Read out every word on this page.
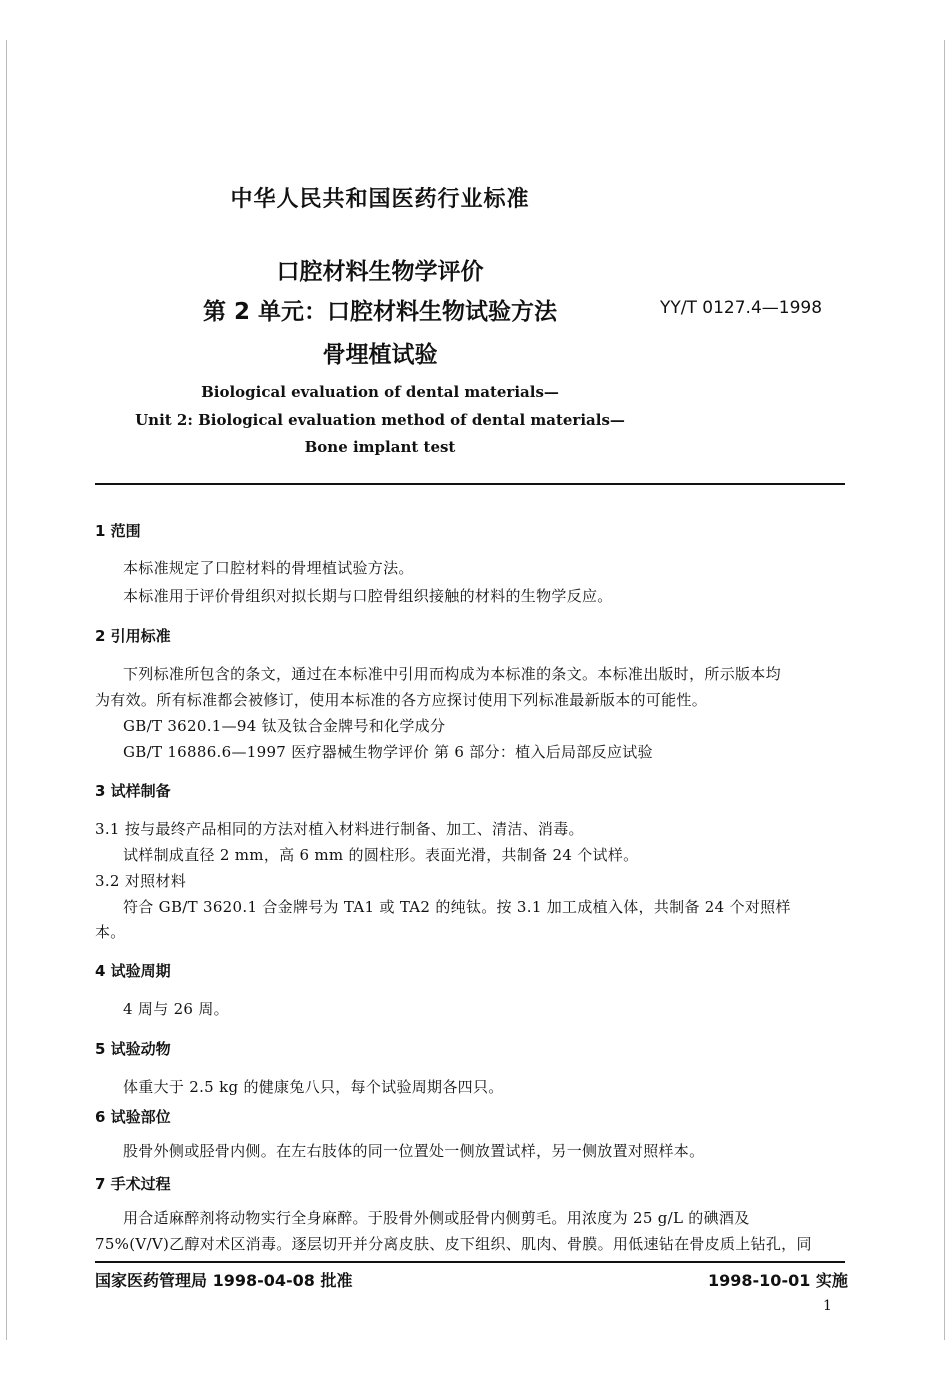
中华人民共和国医药行业标准
口腔材料生物学评价
第 2 单元：口腔材料生物试验方法
骨埋植试验
YY/T 0127.4—1998
Biological evaluation of dental materials—
Unit 2: Biological evaluation method of dental materials—
Bone implant test
1 范围
本标准规定了口腔材料的骨埋植试验方法。
本标准用于评价骨组织对拟长期与口腔骨组织接触的材料的生物学反应。
2 引用标准
下列标准所包含的条文，通过在本标准中引用而构成为本标准的条文。本标准出版时，所示版本均
为有效。所有标准都会被修订，使用本标准的各方应探讨使用下列标准最新版本的可能性。
GB/T 3620.1—94 钛及钛合金牌号和化学成分
GB/T 16886.6—1997 医疗器械生物学评价 第 6 部分：植入后局部反应试验
3 试样制备
3.1 按与最终产品相同的方法对植入材料进行制备、加工、清洁、消毒。
试样制成直径 2 mm，高 6 mm 的圆柱形。表面光滑，共制备 24 个试样。
3.2 对照材料
符合 GB/T 3620.1 合金牌号为 TA1 或 TA2 的纯钛。按 3.1 加工成植入体，共制备 24 个对照样
本。
4 试验周期
4 周与 26 周。
5 试验动物
体重大于 2.5 kg 的健康兔八只，每个试验周期各四只。
6 试验部位
股骨外侧或胫骨内侧。在左右肢体的同一位置处一侧放置试样，另一侧放置对照样本。
7 手术过程
用合适麻醉剂将动物实行全身麻醉。于股骨外侧或胫骨内侧剪毛。用浓度为 25 g/L 的碘酒及
75%(V/V)乙醇对术区消毒。逐层切开并分离皮肤、皮下组织、肌肉、骨膜。用低速钻在骨皮质上钻孔，同
国家医药管理局 1998-04-08 批准	1998-10-01 实施
1
